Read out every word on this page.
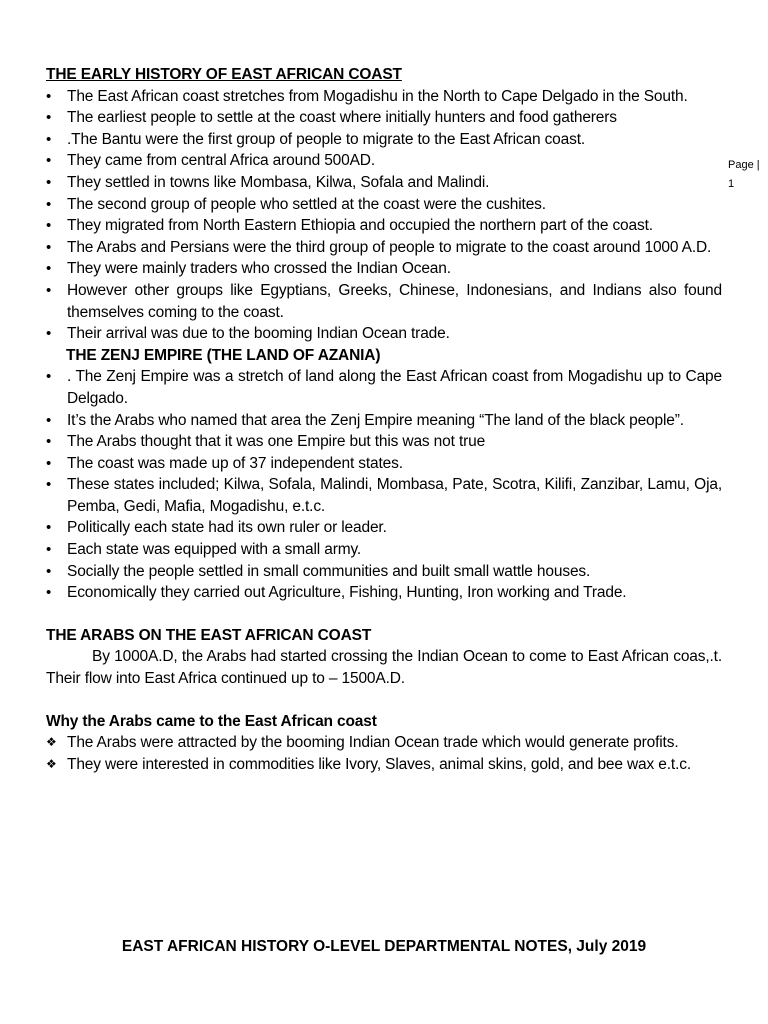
THE EARLY HISTORY OF EAST AFRICAN COAST

• The East African coast stretches from Mogadishu in the North to Cape Delgado in the South.
• The earliest people to settle at the coast where initially hunters and food gatherers
• .The Bantu were the first group of people to migrate to the East African coast.
• They came from central Africa around 500AD.
• They settled in towns like Mombasa, Kilwa, Sofala and Malindi.
• The second group of people who settled at the coast were the cushites.
• They migrated from North Eastern Ethiopia and occupied the northern part of the coast.
• The Arabs and Persians were the third group of people to migrate to the coast around 1000 A.D.
• They were mainly traders who crossed the Indian Ocean.
• However other groups like Egyptians, Greeks, Chinese, Indonesians, and Indians also found themselves coming to the coast.
• Their arrival was due to the booming Indian Ocean trade.

THE ZENJ EMPIRE (THE LAND OF AZANIA)

• . The Zenj Empire was a stretch of land along the East African coast from Mogadishu up to Cape Delgado.
• It’s the Arabs who named that area the Zenj Empire meaning “The land of the black people”.
• The Arabs thought that it was one Empire but this was not true
• The coast was made up of 37 independent states.
• These states included; Kilwa, Sofala, Malindi, Mombasa, Pate, Scotra, Kilifi, Zanzibar, Lamu, Oja, Pemba, Gedi, Mafia, Mogadishu, e.t.c.
• Politically each state had its own ruler or leader.
• Each state was equipped with a small army.
• Socially the people settled in small communities and built small wattle houses.
• Economically they carried out Agriculture, Fishing, Hunting, Iron working and Trade.

THE ARABS ON THE EAST AFRICAN COAST

By 1000A.D, the Arabs had started crossing the Indian Ocean to come to East African coas,.t. Their flow into East Africa continued up to – 1500A.D.

Why the Arabs came to the East African coast

❖ The Arabs were attracted by the booming Indian Ocean trade which would generate profits.
❖ They were interested in commodities like Ivory, Slaves, animal skins, gold, and bee wax e.t.c.
Page |
1
EAST AFRICAN HISTORY O-LEVEL DEPARTMENTAL NOTES, July 2019
